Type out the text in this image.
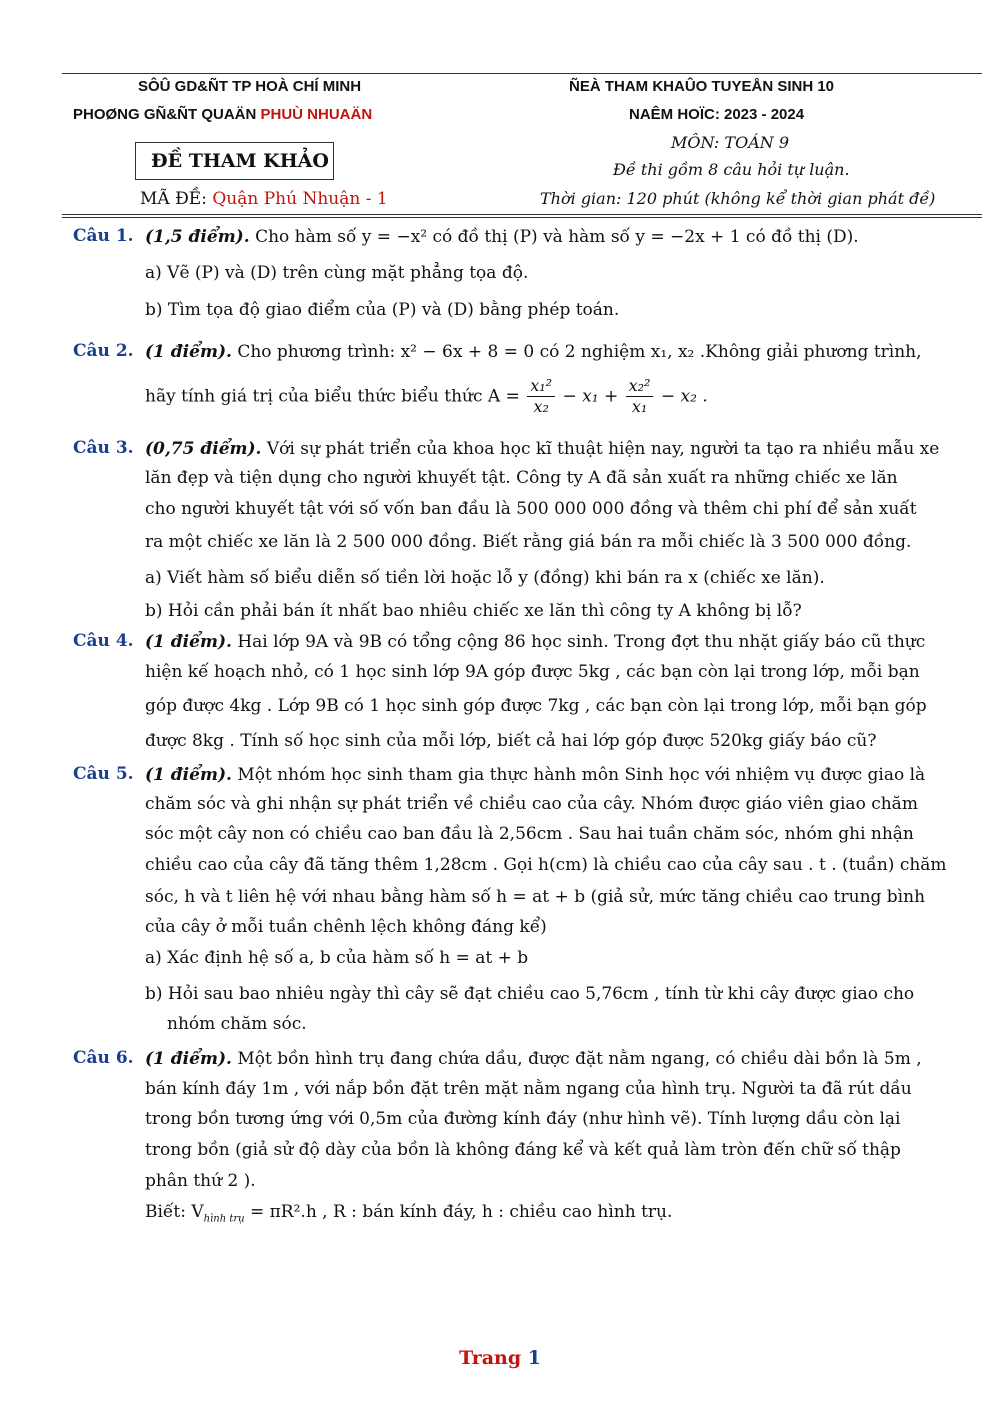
SÔÛ GD&ÑT TP HOÀ CHÍ MINH
PHOØNG GÑ&ÑT QUAÄN PHUÙ NHUAÄN
ÑEÀ THAM KHAÛO TUYEÅN SINH 10
NAÊM HOÏC: 2023 - 2024
MÔN: TOÁN 9
Đề thi gồm 8 câu hỏi tự luận.
Thời gian: 120 phút (không kể thời gian phát đề)
ĐỀ THAM KHẢO
MÃ ĐỀ: Quận Phú Nhuận - 1
Câu 1. (1,5 điểm). Cho hàm số y = −x² có đồ thị (P) và hàm số y = −2x + 1 có đồ thị (D).
a) Vẽ (P) và (D) trên cùng mặt phẳng tọa độ.
b) Tìm tọa độ giao điểm của (P) và (D) bằng phép toán.
Câu 2. (1 điểm). Cho phương trình: x² − 6x + 8 = 0 có 2 nghiệm x₁, x₂ .Không giải phương trình,
hãy tính giá trị của biểu thức biểu thức $A = \frac{\text{x₁²}}{\text{x₂}} - x_1 + \frac{\text{x₂²}}{\text{x₁}} - x_2$ .
Câu 3. (0,75 điểm). Với sự phát triển của khoa học kĩ thuật hiện nay, người ta tạo ra nhiều mẫu xe
lăn đẹp và tiện dụng cho người khuyết tật. Công ty A đã sản xuất ra những chiếc xe lăn
cho người khuyết tật với số vốn ban đầu là 500 000 000 đồng và thêm chi phí để sản xuất
ra một chiếc xe lăn là 2 500 000 đồng. Biết rằng giá bán ra mỗi chiếc là 3 500 000 đồng.
a) Viết hàm số biểu diễn số tiền lời hoặc lỗ y (đồng) khi bán ra x (chiếc xe lăn).
b) Hỏi cần phải bán ít nhất bao nhiêu chiếc xe lăn thì công ty A không bị lỗ?
Câu 4. (1 điểm). Hai lớp 9A và 9B có tổng cộng 86 học sinh. Trong đợt thu nhặt giấy báo cũ thực
hiện kế hoạch nhỏ, có 1 học sinh lớp 9A góp được 5kg , các bạn còn lại trong lớp, mỗi bạn
góp được 4kg . Lớp 9B có 1 học sinh góp được 7kg , các bạn còn lại trong lớp, mỗi bạn góp
được 8kg . Tính số học sinh của mỗi lớp, biết cả hai lớp góp được 520kg giấy báo cũ?
Câu 5. (1 điểm). Một nhóm học sinh tham gia thực hành môn Sinh học với nhiệm vụ được giao là
chăm sóc và ghi nhận sự phát triển về chiều cao của cây. Nhóm được giáo viên giao chăm
sóc một cây non có chiều cao ban đầu là 2,56cm . Sau hai tuần chăm sóc, nhóm ghi nhận
chiều cao của cây đã tăng thêm 1,28cm . Gọi h(cm) là chiều cao của cây sau . t . (tuần) chăm
sóc, h và t liên hệ với nhau bằng hàm số h = at + b (giả sử, mức tăng chiều cao trung bình
của cây ở mỗi tuần chênh lệch không đáng kể)
a) Xác định hệ số a, b của hàm số h = at + b
b) Hỏi sau bao nhiêu ngày thì cây sẽ đạt chiều cao 5,76cm , tính từ khi cây được giao cho
nhóm chăm sóc.
Câu 6. (1 điểm). Một bồn hình trụ đang chứa dầu, được đặt nằm ngang, có chiều dài bồn là 5m ,
bán kính đáy 1m , với nắp bồn đặt trên mặt nằm ngang của hình trụ. Người ta đã rút dầu
trong bồn tương ứng với 0,5m của đường kính đáy (như hình vẽ). Tính lượng dầu còn lại
trong bồn (giả sử độ dày của bồn là không đáng kể và kết quả làm tròn đến chữ số thập
phân thứ 2 ).
Biết: $V_{hình trụ} = \pi R^2.h$ , R : bán kính đáy, h : chiều cao hình trụ.
Trang 1
